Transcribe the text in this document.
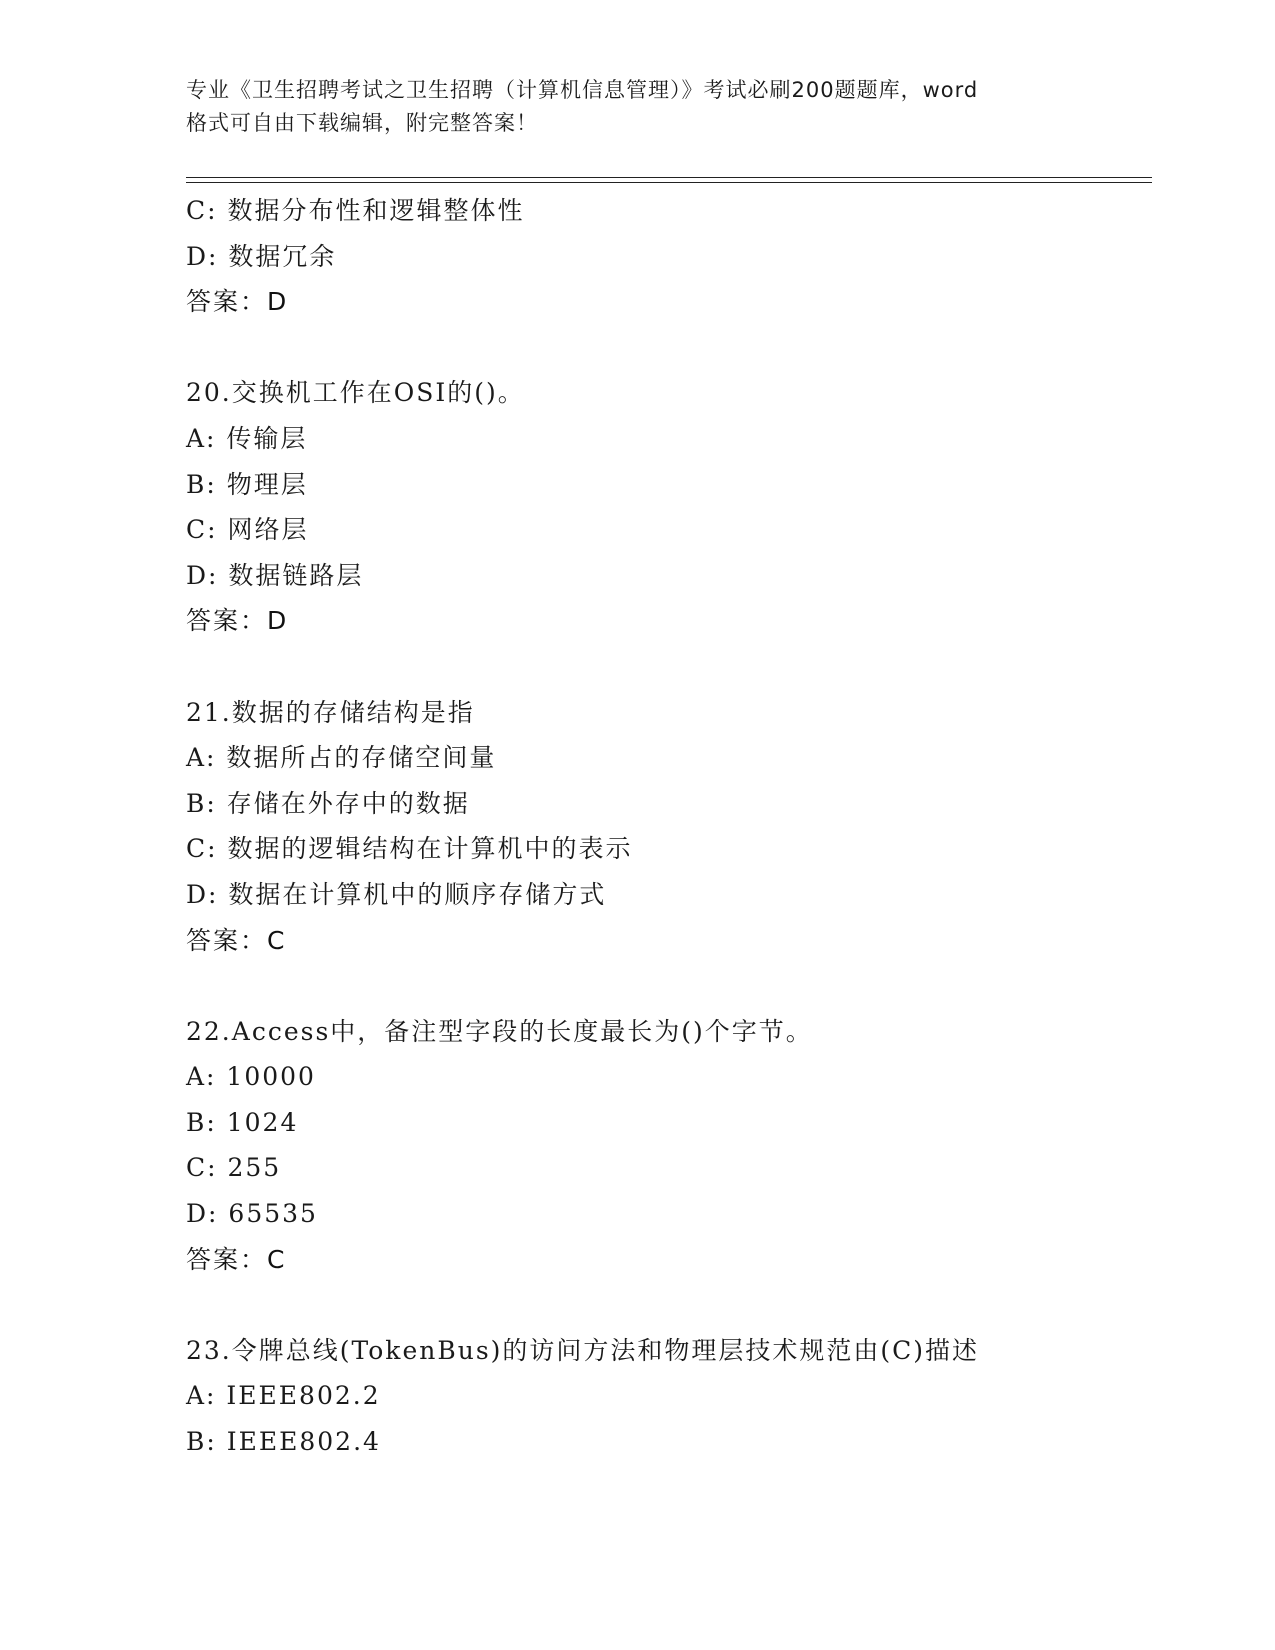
专业《卫生招聘考试之卫生招聘（计算机信息管理）》考试必刷200题题库，word
格式可自由下载编辑，附完整答案！
C: 数据分布性和逻辑整体性
D: 数据冗余
答案：D
20.交换机工作在OSI的()。
A: 传输层
B: 物理层
C: 网络层
D: 数据链路层
答案：D
21.数据的存储结构是指
A: 数据所占的存储空间量
B: 存储在外存中的数据
C: 数据的逻辑结构在计算机中的表示
D: 数据在计算机中的顺序存储方式
答案：C
22.Access中，备注型字段的长度最长为()个字节。
A: 10000
B: 1024
C: 255
D: 65535
答案：C
23.令牌总线(TokenBus)的访问方法和物理层技术规范由(C)描述
A: IEEE802.2
B: IEEE802.4
